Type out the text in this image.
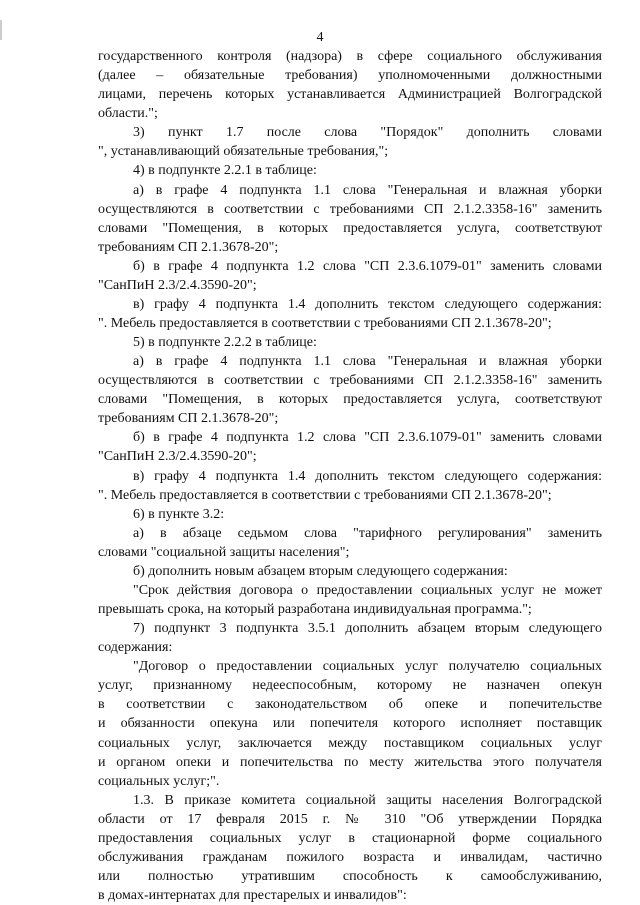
4
государственного контроля (надзора) в сфере социального обслуживания
(далее – обязательные требования) уполномоченными должностными
лицами, перечень которых устанавливается Администрацией Волгоградской
области.";
3) пункт 1.7 после слова "Порядок" дополнить словами
", устанавливающий обязательные требования,";
4) в подпункте 2.2.1 в таблице:
а) в графе 4 подпункта 1.1 слова "Генеральная и влажная уборки
осуществляются в соответствии с требованиями СП 2.1.2.3358-16" заменить
словами "Помещения, в которых предоставляется услуга, соответствуют
требованиям СП 2.1.3678-20";
б) в графе 4 подпункта 1.2 слова "СП 2.3.6.1079-01" заменить словами
"СанПиН 2.3/2.4.3590-20";
в) графу 4 подпункта 1.4 дополнить текстом следующего содержания:
". Мебель предоставляется в соответствии с требованиями СП 2.1.3678-20";
5) в подпункте 2.2.2 в таблице:
а) в графе 4 подпункта 1.1 слова "Генеральная и влажная уборки
осуществляются в соответствии с требованиями СП 2.1.2.3358-16" заменить
словами "Помещения, в которых предоставляется услуга, соответствуют
требованиям СП 2.1.3678-20";
б) в графе 4 подпункта 1.2 слова "СП 2.3.6.1079-01" заменить словами
"СанПиН 2.3/2.4.3590-20";
в) графу 4 подпункта 1.4 дополнить текстом следующего содержания:
". Мебель предоставляется в соответствии с требованиями СП 2.1.3678-20";
6) в пункте 3.2:
а) в абзаце седьмом слова "тарифного регулирования" заменить
словами "социальной защиты населения";
б) дополнить новым абзацем вторым следующего содержания:
"Срок действия договора о предоставлении социальных услуг не может
превышать срока, на который разработана индивидуальная программа.";
7) подпункт 3 подпункта 3.5.1 дополнить абзацем вторым следующего
содержания:
"Договор о предоставлении социальных услуг получателю социальных
услуг, признанному недееспособным, которому не назначен опекун
в соответствии с законодательством об опеке и попечительстве
и обязанности опекуна или попечителя которого исполняет поставщик
социальных услуг, заключается между поставщиком социальных услуг
и органом опеки и попечительства по месту жительства этого получателя
социальных услуг;".
1.3. В приказе комитета социальной защиты населения Волгоградской
области от 17 февраля 2015 г. № 310 "Об утверждении Порядка
предоставления социальных услуг в стационарной форме социального
обслуживания гражданам пожилого возраста и инвалидам, частично
или полностью утратившим способность к самообслуживанию,
в домах-интернатах для престарелых и инвалидов":
